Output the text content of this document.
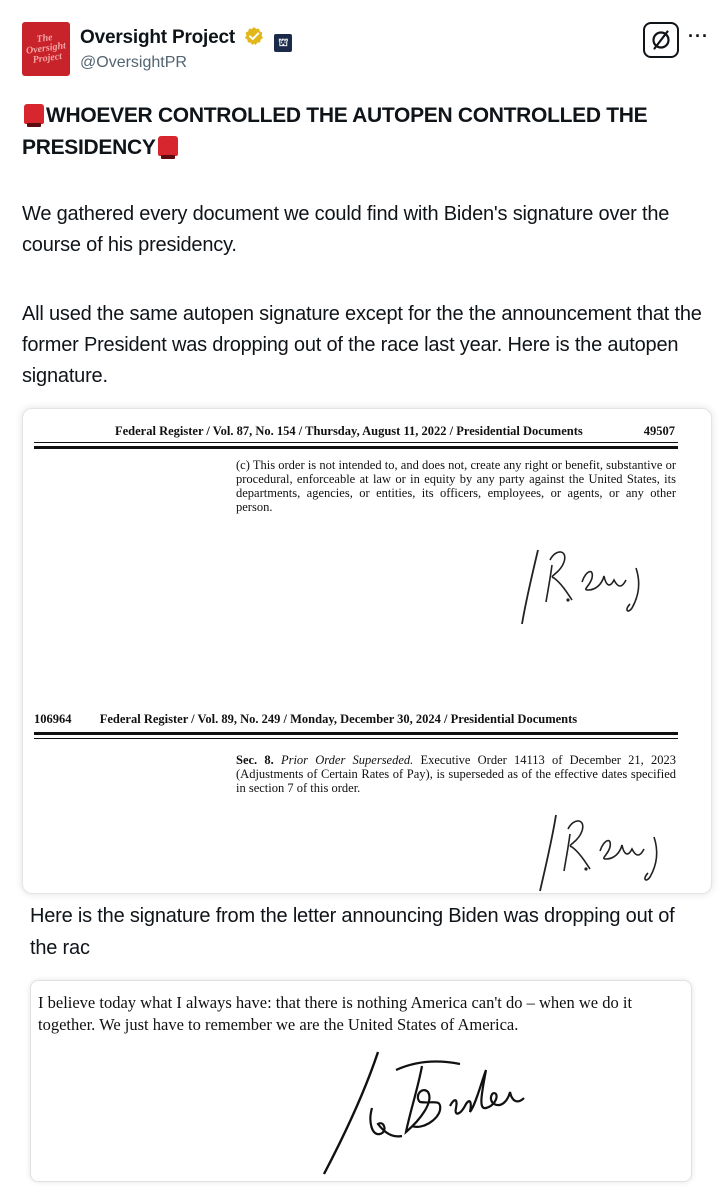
The Oversight Project
Oversight Project	⛫
@OversightPR
···
WHOEVER CONTROLLED THE AUTOPEN CONTROLLED THE PRESIDENCY
We gathered every document we could find with Biden's signature over the course of his presidency.
All used the same autopen signature except for the the announcement that the former President was dropping out of the race last year. Here is the autopen signature.
Federal Register / Vol. 87, No. 154 / Thursday, August 11, 2022 / Presidential Documents	49507
(c) This order is not intended to, and does not, create any right or benefit, substantive or procedural, enforceable at law or in equity by any party against the United States, its departments, agencies, or entities, its officers, employees, or agents, or any other person.
106964 Federal Register / Vol. 89, No. 249 / Monday, December 30, 2024 / Presidential Documents
Sec. 8. Prior Order Superseded. Executive Order 14113 of December 21, 2023 (Adjustments of Certain Rates of Pay), is superseded as of the effective dates specified in section 7 of this order.
Here is the signature from the letter announcing Biden was dropping out of the rac
I believe today what I always have: that there is nothing America can't do – when we do it together. We just have to remember we are the United States of America.
